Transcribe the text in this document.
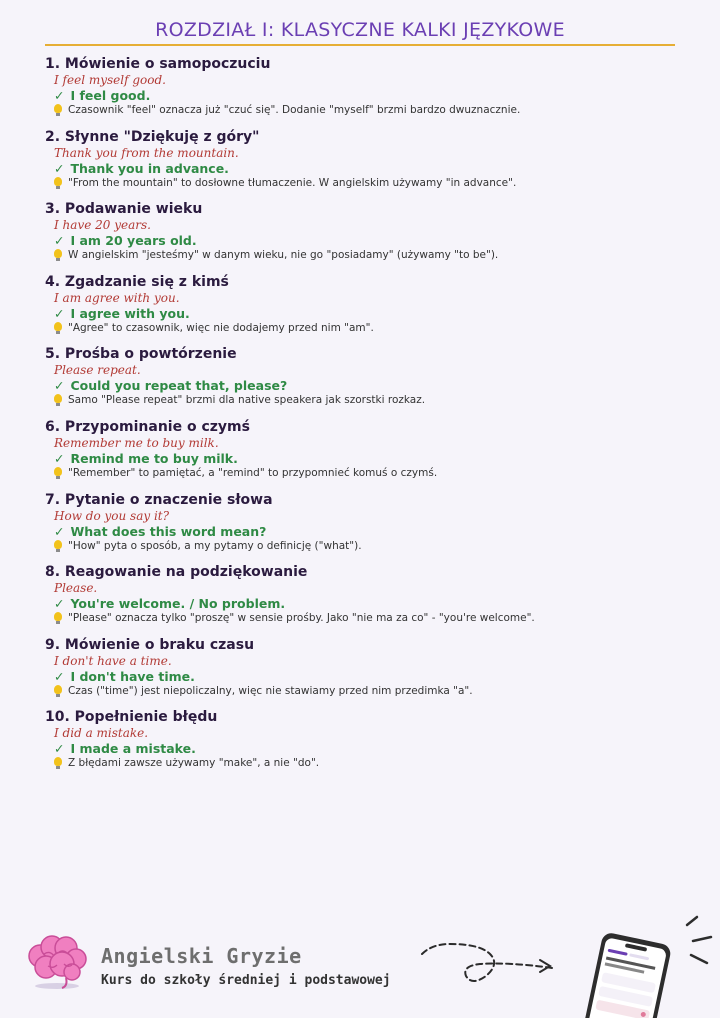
ROZDZIAŁ I: KLASYCZNE KALKI JĘZYKOWE
1. Mówienie o samopoczuciu
I feel myself good.
✓ I feel good.
Czasownik "feel" oznacza już "czuć się". Dodanie "myself" brzmi bardzo dwuznacznie.
2. Słynne "Dziękuję z góry"
Thank you from the mountain.
✓ Thank you in advance.
"From the mountain" to dosłowne tłumaczenie. W angielskim używamy "in advance".
3. Podawanie wieku
I have 20 years.
✓ I am 20 years old.
W angielskim "jesteśmy" w danym wieku, nie go "posiadamy" (używamy "to be").
4. Zgadzanie się z kimś
I am agree with you.
✓ I agree with you.
"Agree" to czasownik, więc nie dodajemy przed nim "am".
5. Prośba o powtórzenie
Please repeat.
✓ Could you repeat that, please?
Samo "Please repeat" brzmi dla native speakera jak szorstki rozkaz.
6. Przypominanie o czymś
Remember me to buy milk.
✓ Remind me to buy milk.
"Remember" to pamiętać, a "remind" to przypomnieć komuś o czymś.
7. Pytanie o znaczenie słowa
How do you say it?
✓ What does this word mean?
"How" pyta o sposób, a my pytamy o definicję ("what").
8. Reagowanie na podziękowanie
Please.
✓ You're welcome. / No problem.
"Please" oznacza tylko "proszę" w sensie prośby. Jako "nie ma za co" - "you're welcome".
9. Mówienie o braku czasu
I don't have a time.
✓ I don't have time.
Czas ("time") jest niepoliczalny, więc nie stawiamy przed nim przedimka "a".
10. Popełnienie błędu
I did a mistake.
✓ I made a mistake.
Z błędami zawsze używamy "make", a nie "do".
Angielski Gryzie
Kurs do szkoły średniej i podstawowej
